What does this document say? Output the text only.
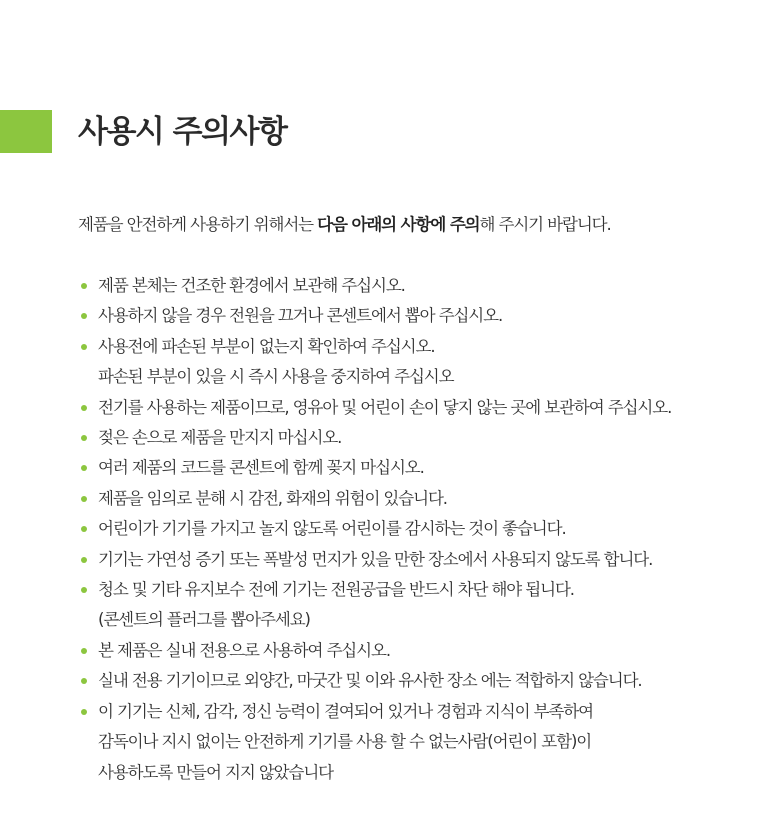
사용시 주의사항

제품을 안전하게 사용하기 위해서는 다음 아래의 사항에 주의해 주시기 바랍니다.

제품 본체는 건조한 환경에서 보관해 주십시오.
사용하지 않을 경우 전원을 끄거나 콘센트에서 뽑아 주십시오.
사용전에 파손된 부분이 없는지 확인하여 주십시오.
파손된 부분이 있을 시 즉시 사용을 중지하여 주십시오
전기를 사용하는 제품이므로, 영유아 및 어린이 손이 닿지 않는 곳에 보관하여 주십시오.
젖은 손으로 제품을 만지지 마십시오.
여러 제품의 코드를 콘센트에 함께 꽂지 마십시오.
제품을 임의로 분해 시 감전, 화재의 위험이 있습니다.
어린이가 기기를 가지고 놀지 않도록 어린이를 감시하는 것이 좋습니다.
기기는 가연성 증기 또는 폭발성 먼지가 있을 만한 장소에서 사용되지 않도록 합니다.
청소 및 기타 유지보수 전에 기기는 전원공급을 반드시 차단 해야 됩니다.
(콘센트의 플러그를 뽑아주세요)
본 제품은 실내 전용으로 사용하여 주십시오.
실내 전용 기기이므로 외양간, 마굿간 및 이와 유사한 장소 에는 적합하지 않습니다.
이 기기는 신체, 감각, 정신 능력이 결여되어 있거나 경험과 지식이 부족하여
감독이나 지시 없이는 안전하게 기기를 사용 할 수 없는사람(어린이 포함)이
사용하도록 만들어 지지 않았습니다
